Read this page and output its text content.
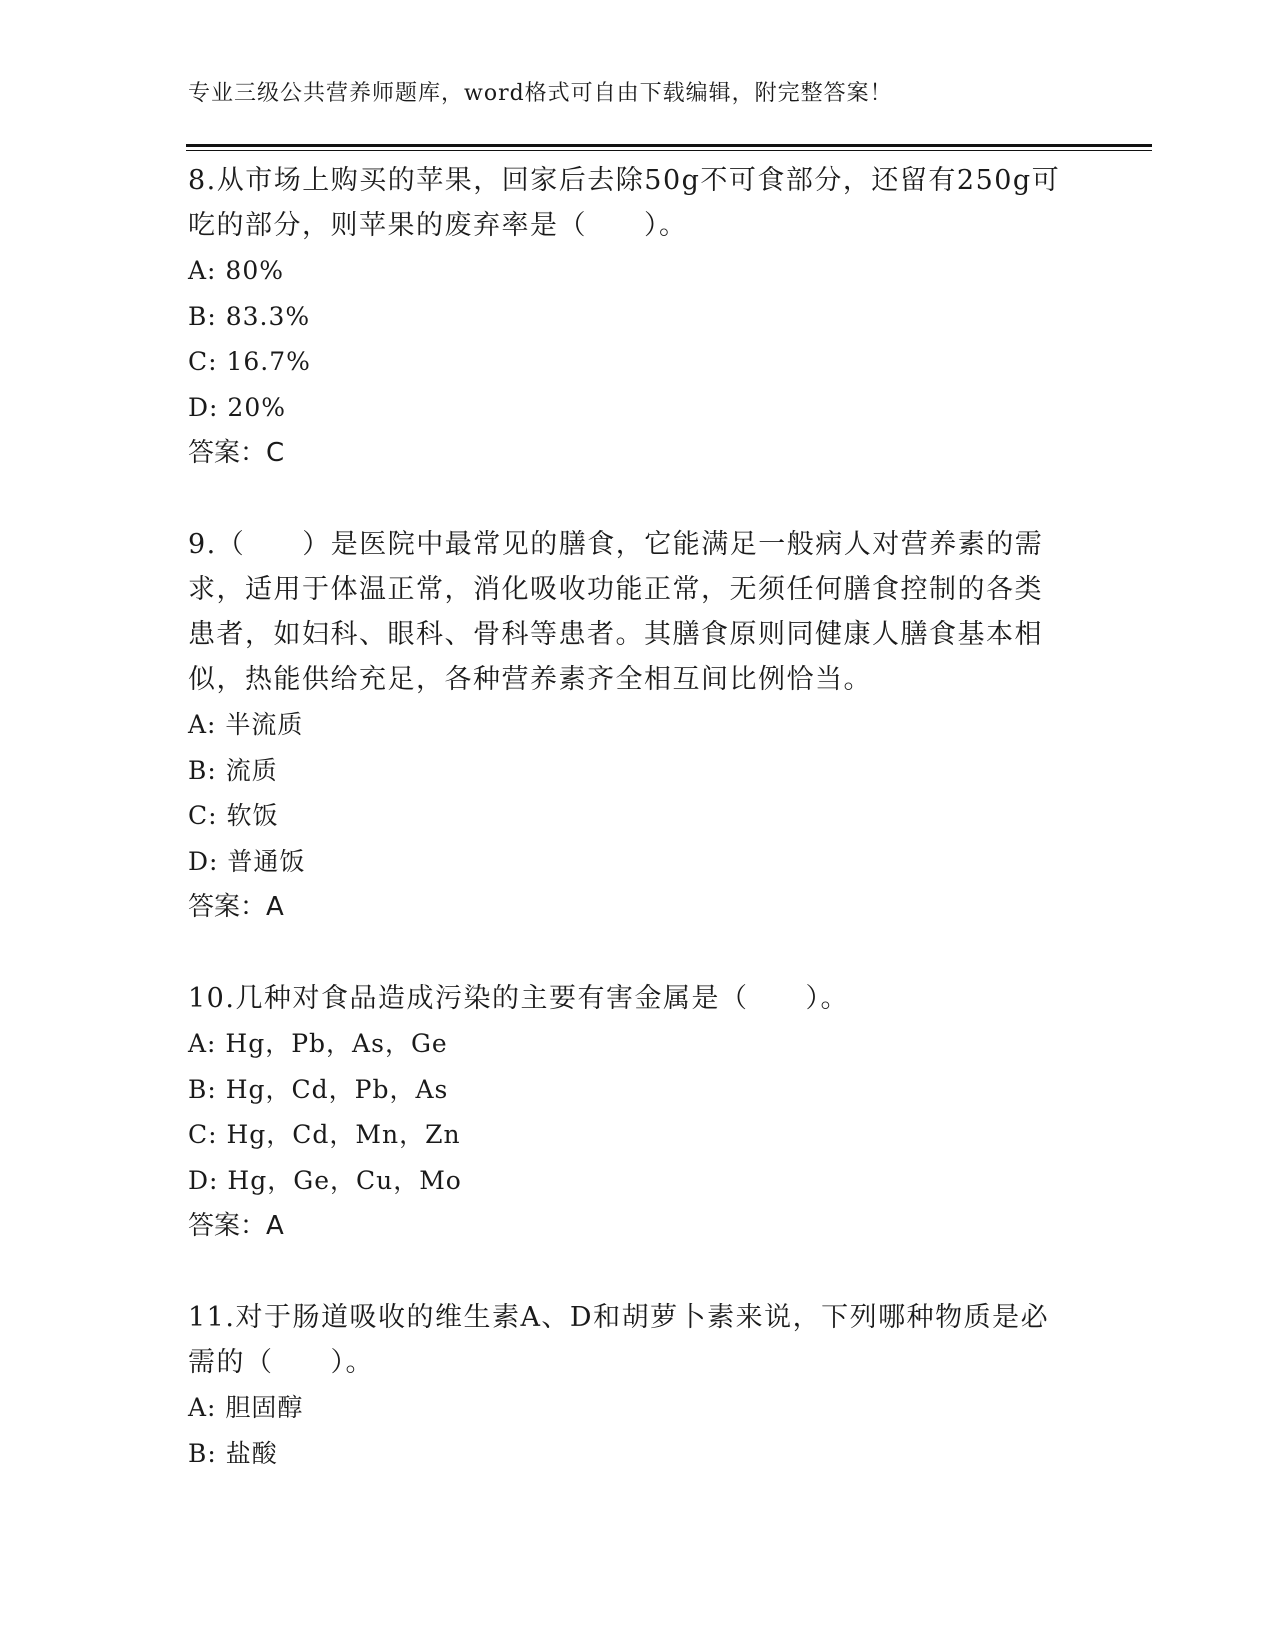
专业三级公共营养师题库，word格式可自由下载编辑，附完整答案！

8.从市场上购买的苹果，回家后去除50g不可食部分，还留有250g可

吃的部分，则苹果的废弃率是（　　）。

A: 80%

B: 83.3%

C: 16.7%

D: 20%

答案：C

9.（　　）是医院中最常见的膳食，它能满足一般病人对营养素的需

求，适用于体温正常，消化吸收功能正常，无须任何膳食控制的各类

患者，如妇科、眼科、骨科等患者。其膳食原则同健康人膳食基本相

似，热能供给充足，各种营养素齐全相互间比例恰当。

A: 半流质

B: 流质

C: 软饭

D: 普通饭

答案：A

10.几种对食品造成污染的主要有害金属是（　　）。

A: Hg，Pb，As，Ge

B: Hg，Cd，Pb，As

C: Hg，Cd，Mn，Zn

D: Hg，Ge，Cu，Mo

答案：A

11.对于肠道吸收的维生素A、D和胡萝卜素来说，下列哪种物质是必

需的（　　）。

A: 胆固醇

B: 盐酸
